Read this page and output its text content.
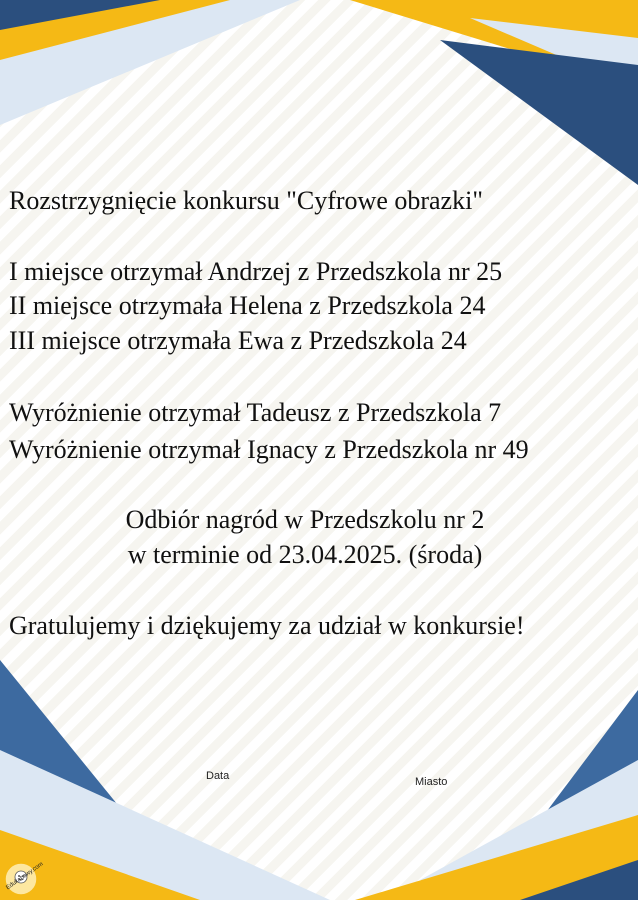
Rozstrzygnięcie konkursu "Cyfrowe obrazki"
I miejsce otrzymał Andrzej z Przedszkola nr 25
II miejsce otrzymała Helena z Przedszkola 24
III miejsce otrzymała Ewa z Przedszkola 24
Wyróżnienie otrzymał Tadeusz z Przedszkola 7
Wyróżnienie otrzymał Ignacy z Przedszkola nr 49
Odbiór nagród w Przedszkolu nr 2
w terminie od 23.04.2025. (środa)
Gratulujemy i dziękujemy za udział w konkursie!
Data	Miasto
Edukabawy.com
